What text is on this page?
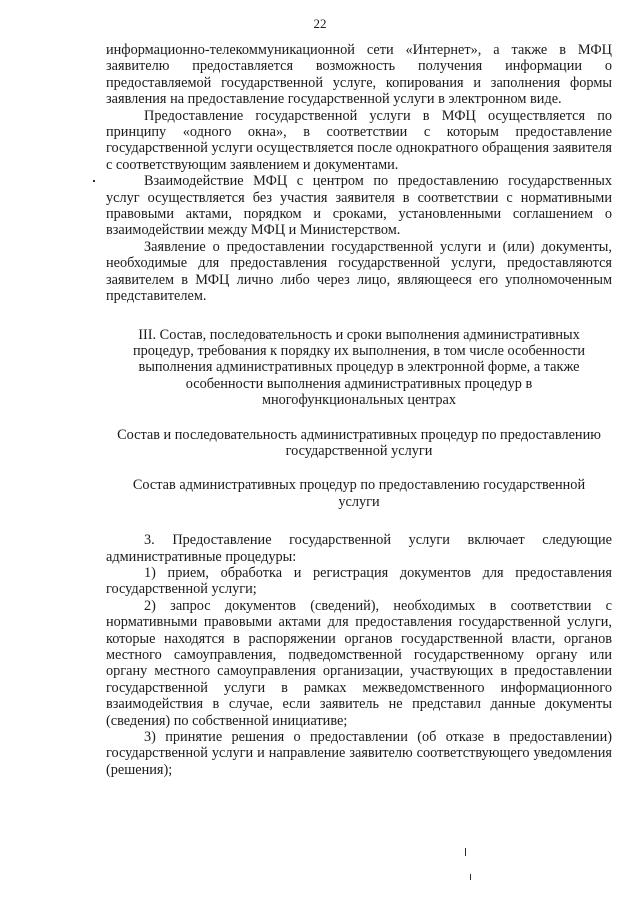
22

информационно-телекоммуникационной сети «Интернет», а также в МФЦ заявителю предоставляется возможность получения информации о предоставляемой государственной услуге, копирования и заполнения формы заявления на предоставление государственной услуги в электронном виде.

Предоставление государственной услуги в МФЦ осуществляется по принципу «одного окна», в соответствии с которым предоставление государственной услуги осуществляется после однократного обращения заявителя с соответствующим заявлением и документами.

Взаимодействие МФЦ с центром по предоставлению государственных услуг осуществляется без участия заявителя в соответствии с нормативными правовыми актами, порядком и сроками, установленными соглашением о взаимодействии между МФЦ и Министерством.

Заявление о предоставлении государственной услуги и (или) документы, необходимые для предоставления государственной услуги, предоставляются заявителем в МФЦ лично либо через лицо, являющееся его уполномоченным представителем.

III. Состав, последовательность и сроки выполнения административных процедур, требования к порядку их выполнения, в том числе особенности выполнения административных процедур в электронной форме, а также особенности выполнения административных процедур в многофункциональных центрах

Состав и последовательность административных процедур по предоставлению государственной услуги

Состав административных процедур по предоставлению государственной услуги

3. Предоставление государственной услуги включает следующие административные процедуры:

1) прием, обработка и регистрация документов для предоставления государственной услуги;

2) запрос документов (сведений), необходимых в соответствии с нормативными правовыми актами для предоставления государственной услуги, которые находятся в распоряжении органов государственной власти, органов местного самоуправления, подведомственной государственному органу или органу местного самоуправления организации, участвующих в предоставлении государственной услуги в рамках межведомственного информационного взаимодействия в случае, если заявитель не представил данные документы (сведения) по собственной инициативе;

3) принятие решения о предоставлении (об отказе в предоставлении) государственной услуги и направление заявителю соответствующего уведомления (решения);
